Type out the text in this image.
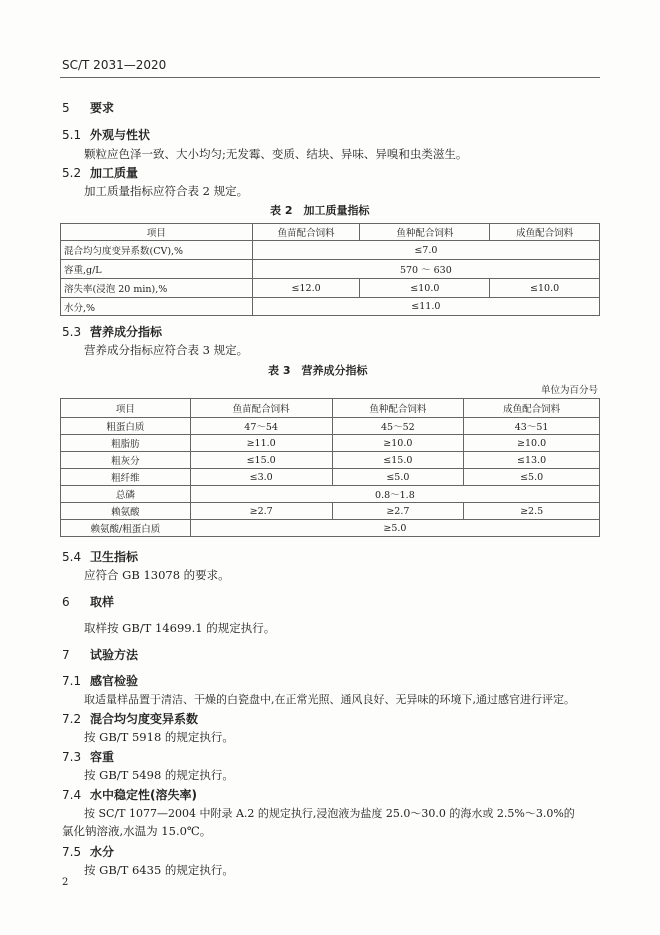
SC/T 2031—2020
5 要求
5.1 外观与性状
颗粒应色泽一致、大小均匀;无发霉、变质、结块、异味、异嗅和虫类滋生。
5.2 加工质量
加工质量指标应符合表 2 规定。
表 2　加工质量指标
项目	鱼苗配合饲料	鱼种配合饲料	成鱼配合饲料
混合均匀度变异系数(CV),%	≤7.0		
容重,g/L	570 ～ 630		
溶失率(浸泡 20 min),%	≤12.0	≤10.0	≤10.0
水分,%	≤11.0		
5.3 营养成分指标
营养成分指标应符合表 3 规定。
表 3　营养成分指标
单位为百分号
项目	鱼苗配合饲料	鱼种配合饲料	成鱼配合饲料
粗蛋白质	47～54	45～52	43～51
粗脂肪	≥11.0	≥10.0	≥10.0
粗灰分	≤15.0	≤15.0	≤13.0
粗纤维	≤3.0	≤5.0	≤5.0
总磷	0.8～1.8		
赖氨酸	≥2.7	≥2.7	≥2.5
赖氨酸/粗蛋白质	≥5.0		
5.4 卫生指标
应符合 GB 13078 的要求。
6 取样
取样按 GB/T 14699.1 的规定执行。
7 试验方法
7.1 感官检验
取适量样品置于清洁、干燥的白瓷盘中,在正常光照、通风良好、无异味的环境下,通过感官进行评定。
7.2 混合均匀度变异系数
按 GB/T 5918 的规定执行。
7.3 容重
按 GB/T 5498 的规定执行。
7.4 水中稳定性(溶失率)
按 SC/T 1077—2004 中附录 A.2 的规定执行,浸泡液为盐度 25.0～30.0 的海水或 2.5%～3.0%的
氯化钠溶液,水温为 15.0℃。
7.5 水分
按 GB/T 6435 的规定执行。
2
